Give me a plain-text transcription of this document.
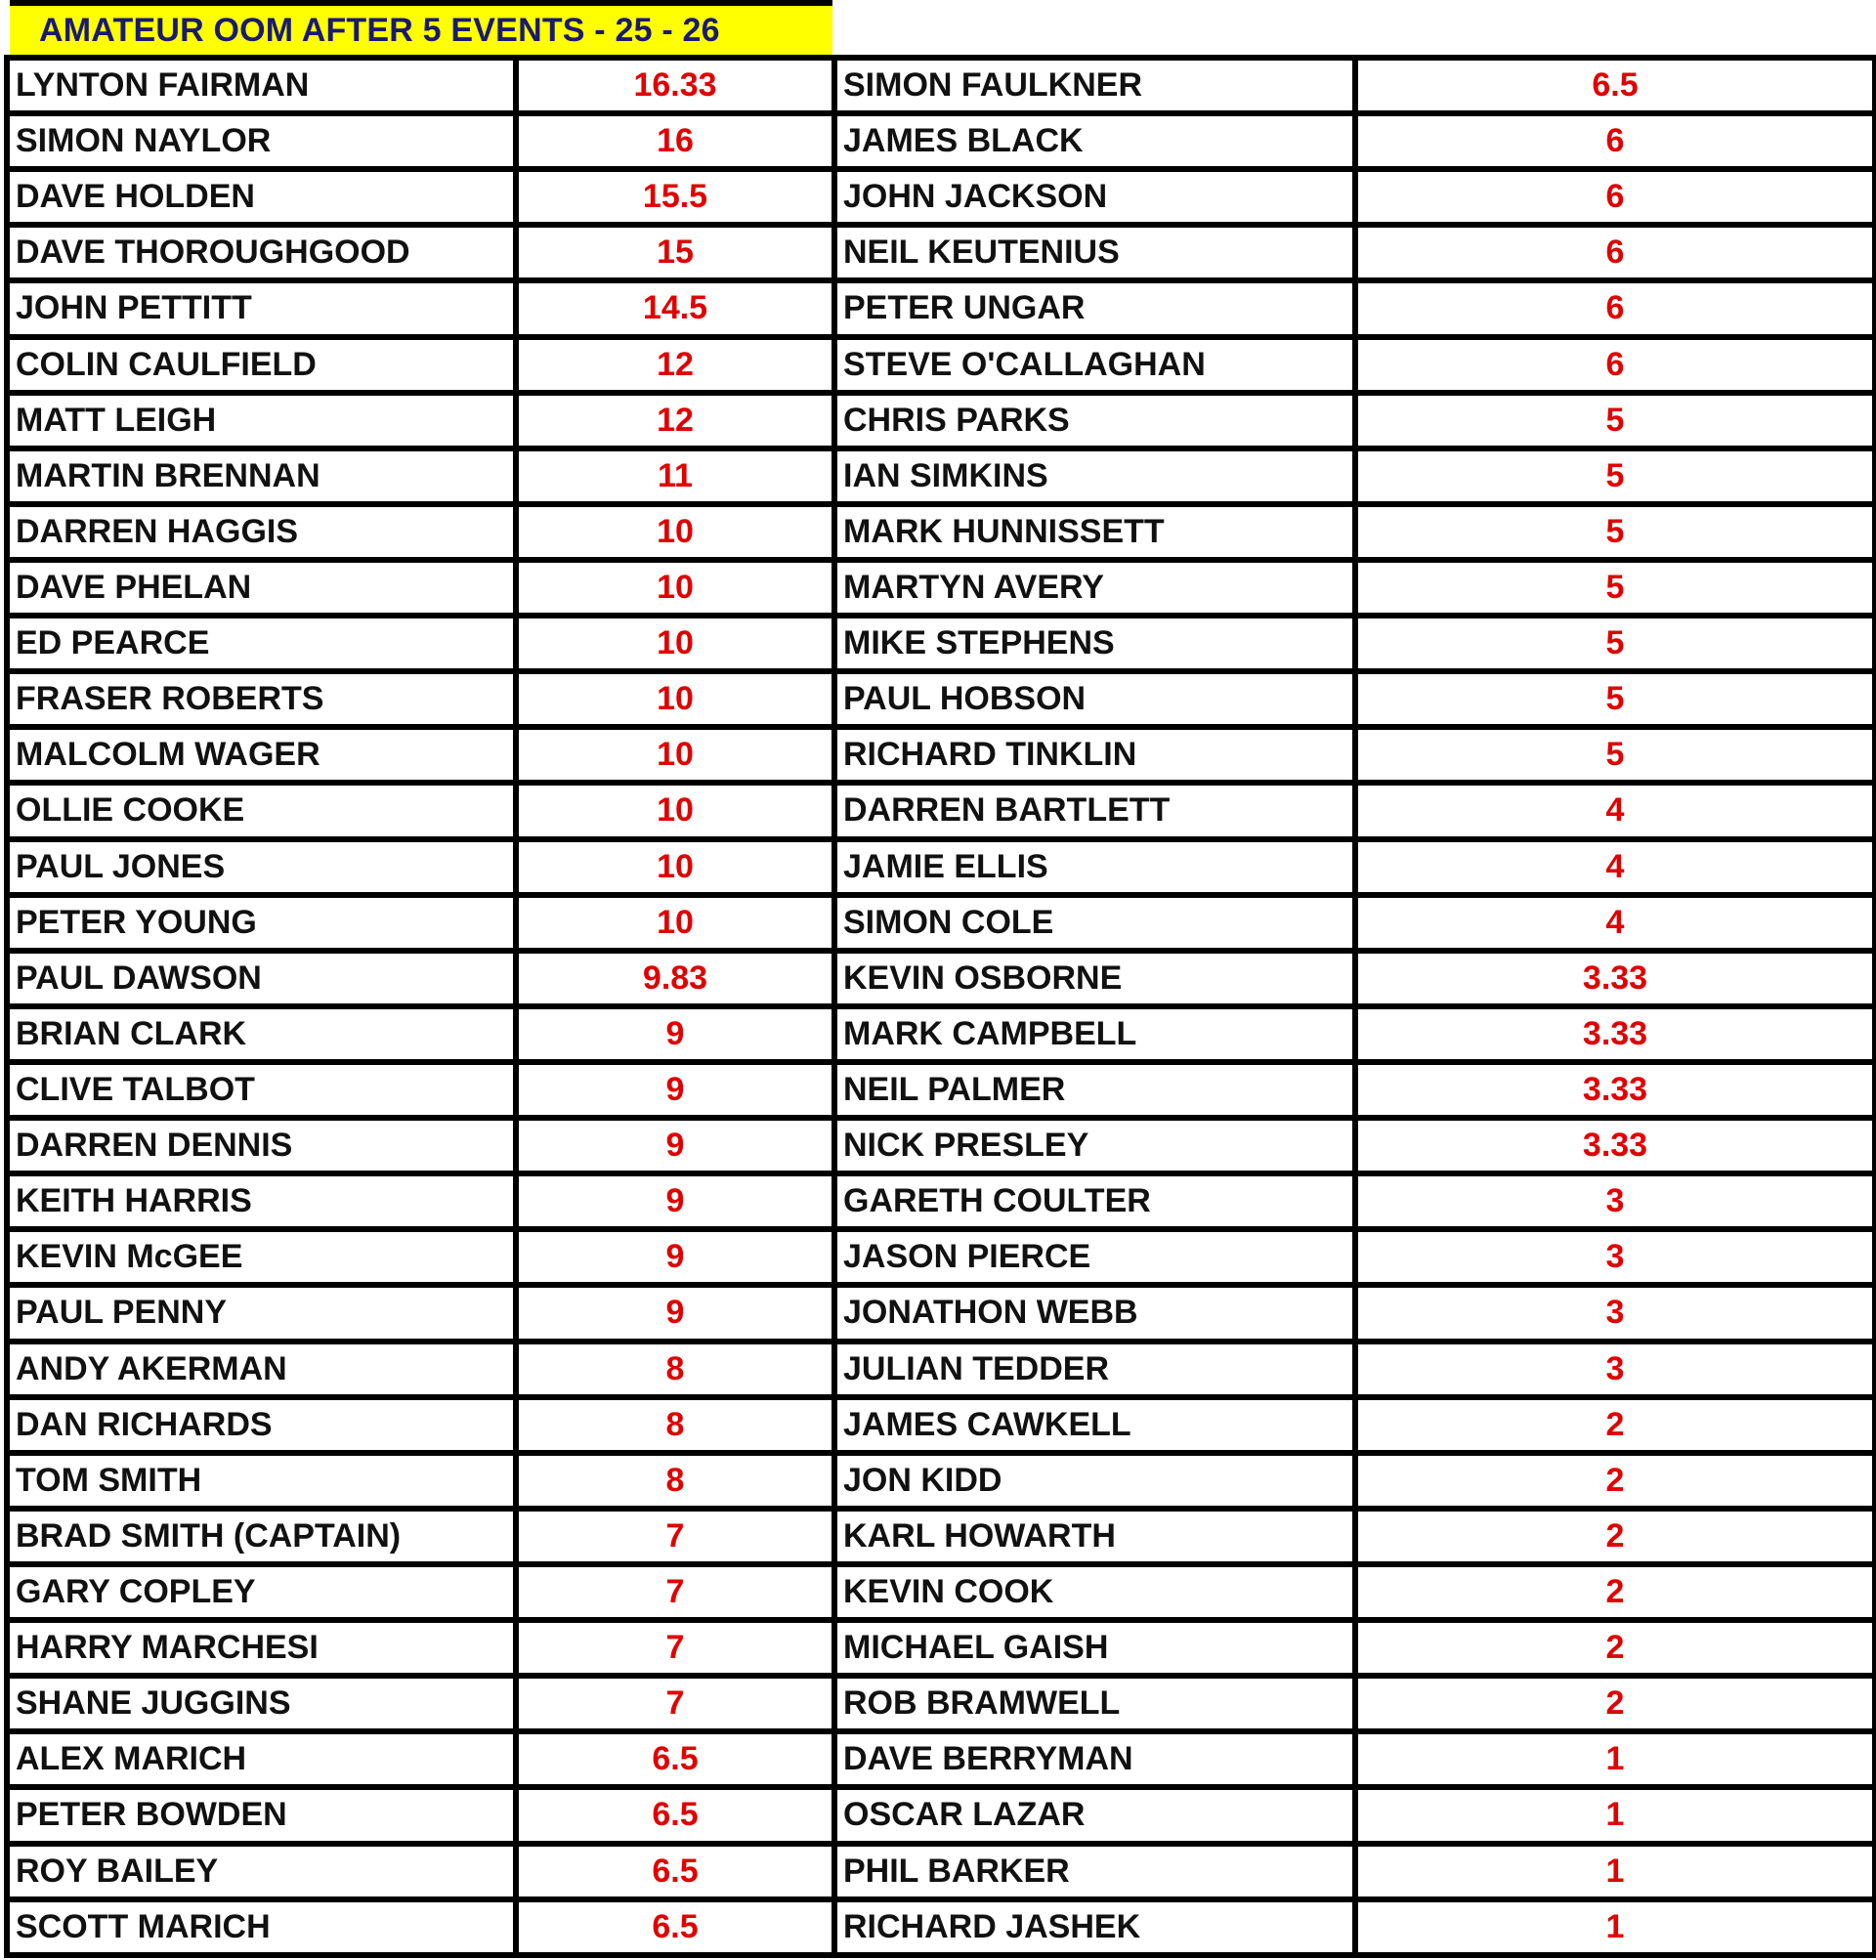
AMATEUR OOM AFTER 5 EVENTS - 25 - 26
LYNTON FAIRMAN	16.33	SIMON FAULKNER	6.5
SIMON NAYLOR	16	JAMES BLACK	6
DAVE HOLDEN	15.5	JOHN JACKSON	6
DAVE THOROUGHGOOD	15	NEIL KEUTENIUS	6
JOHN PETTITT	14.5	PETER UNGAR	6
COLIN CAULFIELD	12	STEVE O'CALLAGHAN	6
MATT LEIGH	12	CHRIS PARKS	5
MARTIN BRENNAN	11	IAN SIMKINS	5
DARREN HAGGIS	10	MARK HUNNISSETT	5
DAVE PHELAN	10	MARTYN AVERY	5
ED PEARCE	10	MIKE STEPHENS	5
FRASER ROBERTS	10	PAUL HOBSON	5
MALCOLM WAGER	10	RICHARD TINKLIN	5
OLLIE COOKE	10	DARREN BARTLETT	4
PAUL JONES	10	JAMIE ELLIS	4
PETER YOUNG	10	SIMON COLE	4
PAUL DAWSON	9.83	KEVIN OSBORNE	3.33
BRIAN CLARK	9	MARK CAMPBELL	3.33
CLIVE TALBOT	9	NEIL PALMER	3.33
DARREN DENNIS	9	NICK PRESLEY	3.33
KEITH HARRIS	9	GARETH COULTER	3
KEVIN McGEE	9	JASON PIERCE	3
PAUL PENNY	9	JONATHON WEBB	3
ANDY AKERMAN	8	JULIAN TEDDER	3
DAN RICHARDS	8	JAMES CAWKELL	2
TOM SMITH	8	JON KIDD	2
BRAD SMITH (CAPTAIN)	7	KARL HOWARTH	2
GARY COPLEY	7	KEVIN COOK	2
HARRY MARCHESI	7	MICHAEL GAISH	2
SHANE JUGGINS	7	ROB BRAMWELL	2
ALEX MARICH	6.5	DAVE BERRYMAN	1
PETER BOWDEN	6.5	OSCAR LAZAR	1
ROY BAILEY	6.5	PHIL BARKER	1
SCOTT MARICH	6.5	RICHARD JASHEK	1
